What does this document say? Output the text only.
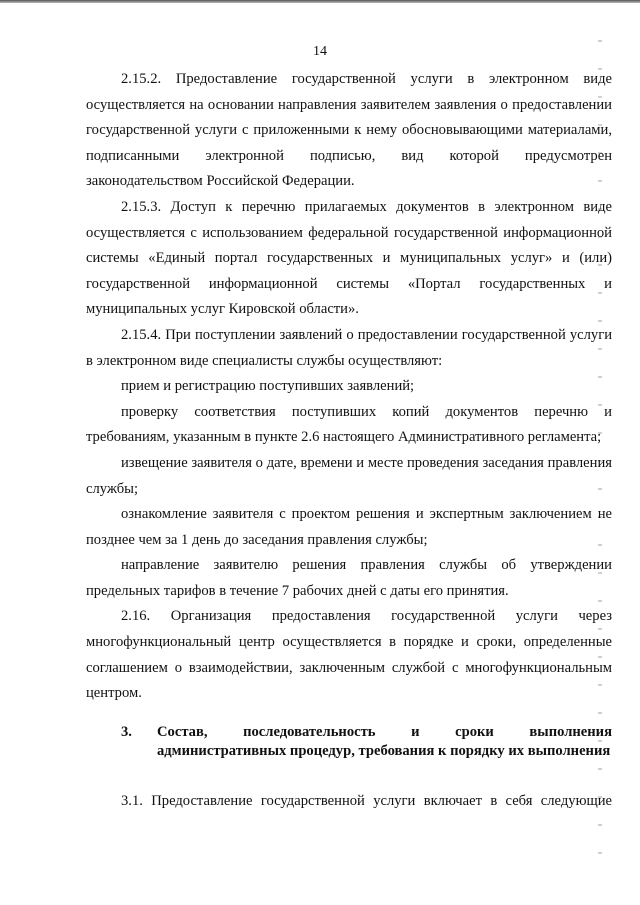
14

2.15.2. Предоставление государственной услуги в электронном виде осуществляется на основании направления заявителем заявления о предоставлении государственной услуги с приложенными к нему обосновывающими материалами, подписанными электронной подписью, вид которой предусмотрен законодательством Российской Федерации.

2.15.3. Доступ к перечню прилагаемых документов в электронном виде осуществляется с использованием федеральной государственной информационной системы «Единый портал государственных и муниципальных услуг» и (или) государственной информационной системы «Портал государственных и муниципальных услуг Кировской области».

2.15.4. При поступлении заявлений о предоставлении государственной услуги в электронном виде специалисты службы осуществляют:

прием и регистрацию поступивших заявлений;

проверку соответствия поступивших копий документов перечню и требованиям, указанным в пункте 2.6 настоящего Административного регламента;

извещение заявителя о дате, времени и месте проведения заседания правления службы;

ознакомление заявителя с проектом решения и экспертным заключением не позднее чем за 1 день до заседания правления службы;

направление заявителю решения правления службы об утверждении предельных тарифов в течение 7 рабочих дней с даты его принятия.

2.16. Организация предоставления государственной услуги через многофункциональный центр осуществляется в порядке и сроки, определенные соглашением о взаимодействии, заключенным службой с многофункциональным центром.

3.	Состав, последовательность и сроки выполнения административных процедур, требования к порядку их выполнения

3.1. Предоставление государственной услуги включает в себя следующие
